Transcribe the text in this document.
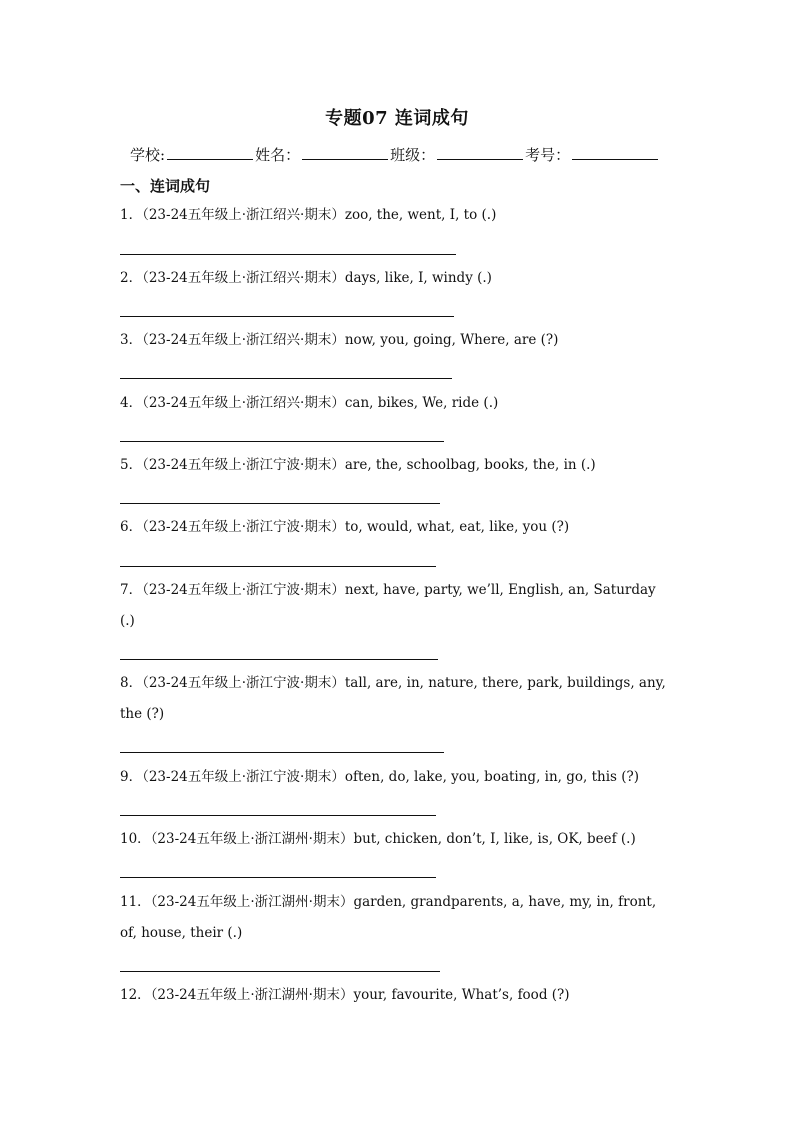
专题07 连词成句
学校:	姓名：	班级：	考号：
一、连词成句
1．（23-24五年级上·浙江绍兴·期末）zoo, the, went, I, to (.)
2．（23-24五年级上·浙江绍兴·期末）days, like, I, windy (.)
3．（23-24五年级上·浙江绍兴·期末）now, you, going, Where, are (?)
4．（23-24五年级上·浙江绍兴·期末）can, bikes, We, ride (.)
5．（23-24五年级上·浙江宁波·期末）are, the, schoolbag, books, the, in (.)
6．（23-24五年级上·浙江宁波·期末）to, would, what, eat, like, you (?)
7．（23-24五年级上·浙江宁波·期末）next, have, party, we’ll, English, an, Saturday
(.)
8．（23-24五年级上·浙江宁波·期末）tall, are, in, nature, there, park, buildings, any,
the (?)
9．（23-24五年级上·浙江宁波·期末）often, do, lake, you, boating, in, go, this (?)
10．（23-24五年级上·浙江湖州·期末）but, chicken, don’t, I, like, is, OK, beef (.)
11．（23-24五年级上·浙江湖州·期末）garden, grandparents, a, have, my, in, front,
of, house, their (.)
12．（23-24五年级上·浙江湖州·期末）your, favourite, What’s, food (?)
